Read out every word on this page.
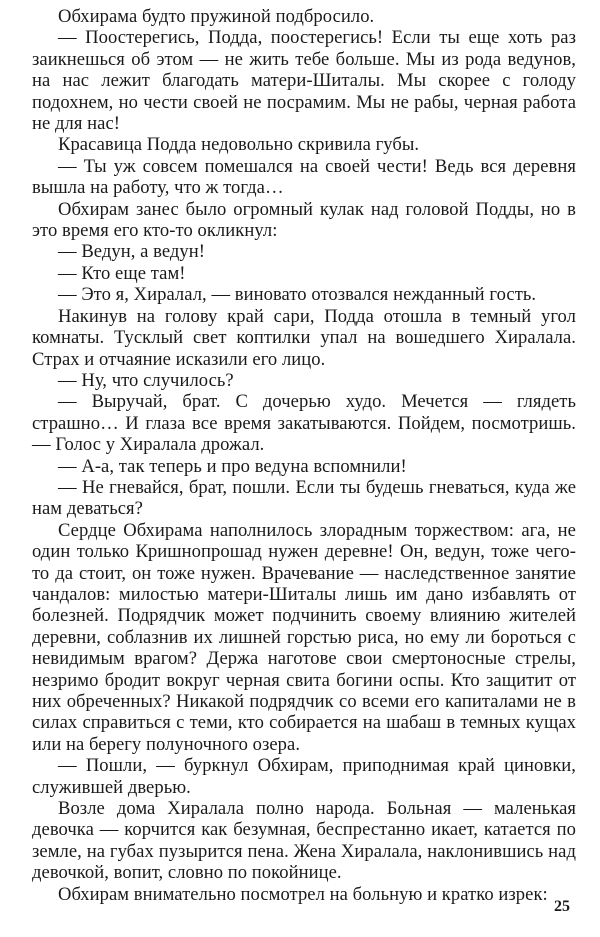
Обхирама будто пружиной подбросило.

— Поостерегись, Подда, поостерегись! Если ты еще хоть раз заикнешься об этом — не жить тебе больше. Мы из рода ведунов, на нас лежит благодать матери-Шиталы. Мы скорее с голоду подохнем, но чести своей не посрамим. Мы не рабы, черная работа не для нас!

Красавица Подда недовольно скривила губы.

— Ты уж совсем помешался на своей чести! Ведь вся деревня вышла на работу, что ж тогда…

Обхирам занес было огромный кулак над головой Подды, но в это время его кто-то окликнул:

— Ведун, а ведун!

— Кто еще там!

— Это я, Хиралал, — виновато отозвался нежданный гость.

Накинув на голову край сари, Подда отошла в темный угол комнаты. Тусклый свет коптилки упал на вошедшего Хиралала. Страх и отчаяние исказили его лицо.

— Ну, что случилось?

— Выручай, брат. С дочерью худо. Мечется — глядеть страшно… И глаза все время закатываются. Пойдем, посмотришь. — Голос у Хиралала дрожал.

— А-а, так теперь и про ведуна вспомнили!

— Не гневайся, брат, пошли. Если ты будешь гневаться, куда же нам деваться?

Сердце Обхирама наполнилось злорадным торжеством: ага, не один только Кришнопрошад нужен деревне! Он, ведун, тоже чего-то да стоит, он тоже нужен. Врачевание — наследственное занятие чандалов: милостью матери-Шиталы лишь им дано избавлять от болезней. Подрядчик может подчинить своему влиянию жителей деревни, соблазнив их лишней горстью риса, но ему ли бороться с невидимым врагом? Держа наготове свои смертоносные стрелы, незримо бродит вокруг черная свита богини оспы. Кто защитит от них обреченных? Никакой подрядчик со всеми его капиталами не в силах справиться с теми, кто собирается на шабаш в темных кущах или на берегу полуночного озера.

— Пошли, — буркнул Обхирам, приподнимая край циновки, служившей дверью.

Возле дома Хиралала полно народа. Больная — маленькая девочка — корчится как безумная, беспрестанно икает, катается по земле, на губах пузырится пена. Жена Хиралала, наклонившись над девочкой, вопит, словно по покойнице.

Обхирам внимательно посмотрел на больную и кратко изрек:

25
